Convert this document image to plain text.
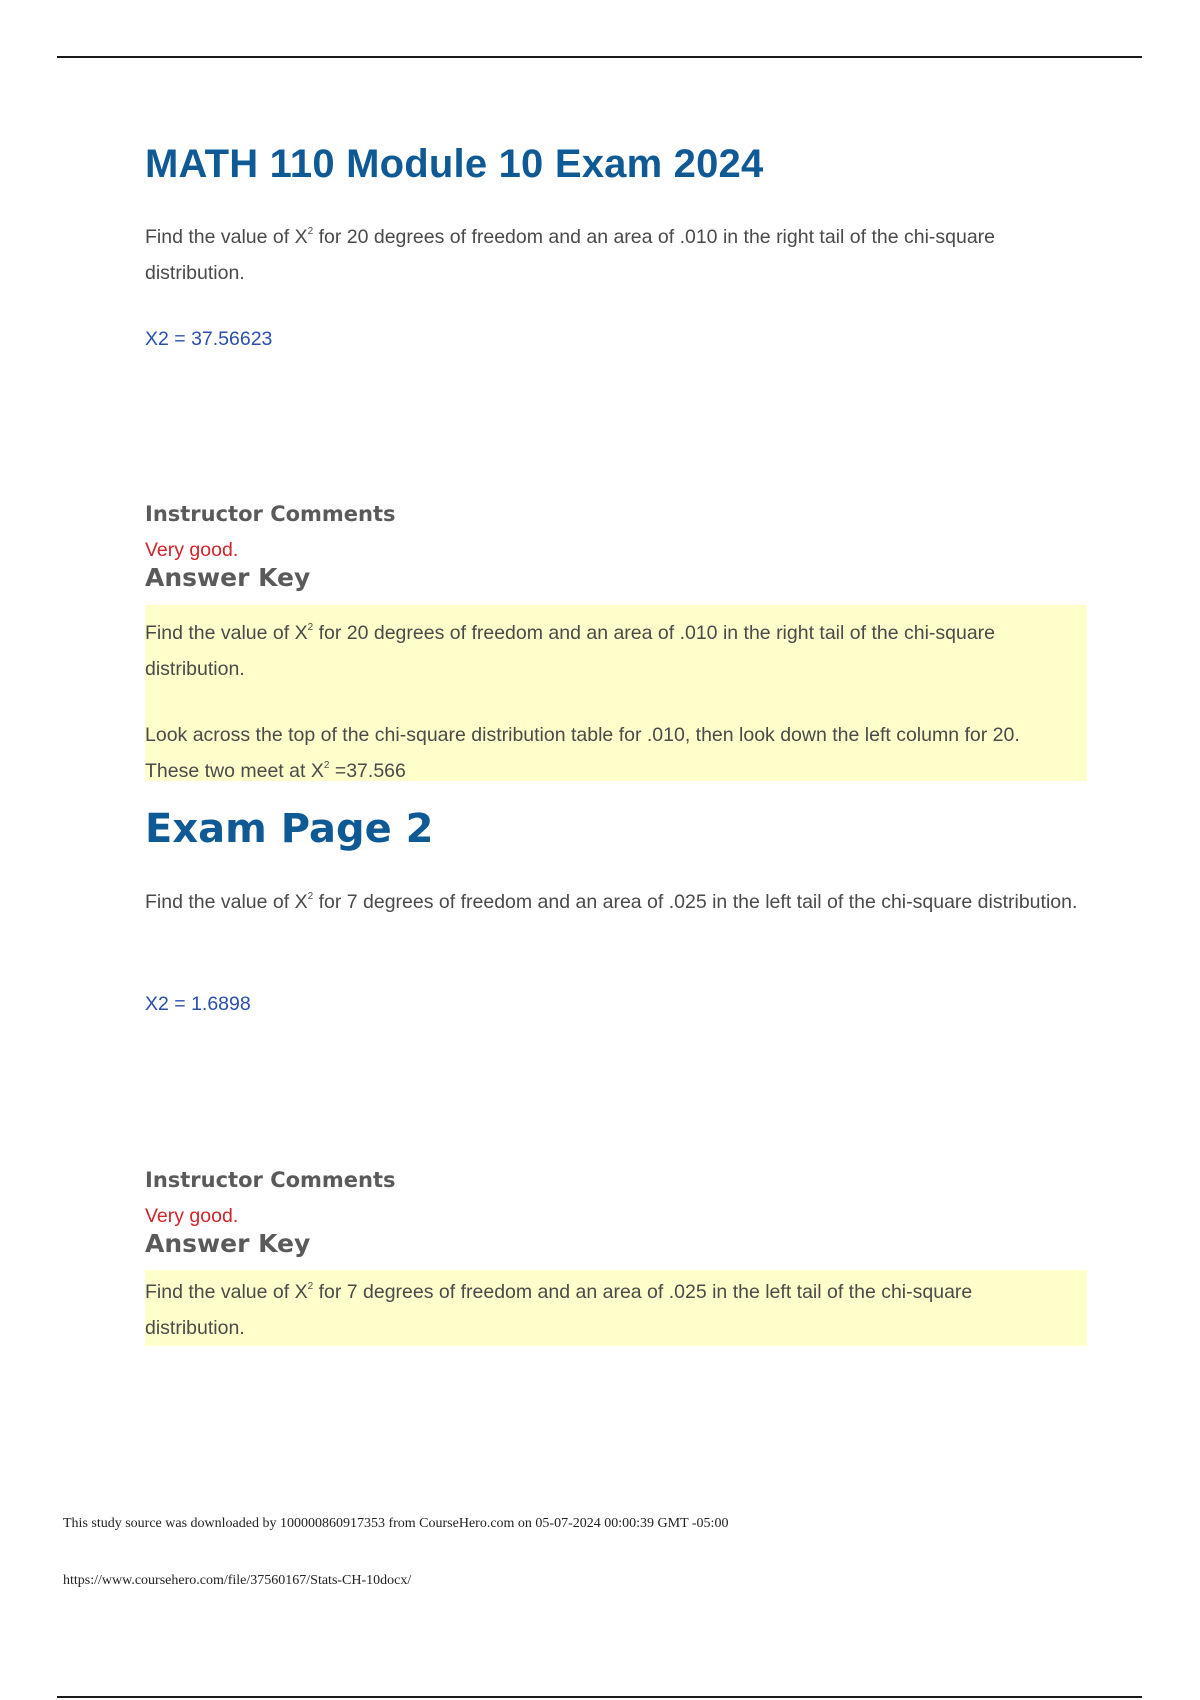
MATH 110 Module 10 Exam 2024

Find the value of $X^2$ for 20 degrees of freedom and an area of .010 in the right tail of the chi-square distribution.

X2 = 37.56623

Instructor Comments

Very good.

Answer Key

Find the value of $X^2$ for 20 degrees of freedom and an area of .010 in the right tail of the chi-square distribution.

Look across the top of the chi-square distribution table for .010, then look down the left column for 20. These two meet at $X^2 =37.566$

Exam Page 2

Find the value of $X^2$ for 7 degrees of freedom and an area of .025 in the left tail of the chi-square distribution.

X2 = 1.6898

Instructor Comments

Very good.

Answer Key

Find the value of $X^2$ for 7 degrees of freedom and an area of .025 in the left tail of the chi-square distribution.

This study source was downloaded by 100000860917353 from CourseHero.com on 05-07-2024 00:00:39 GMT -05:00

https://www.coursehero.com/file/37560167/Stats-CH-10docx/
